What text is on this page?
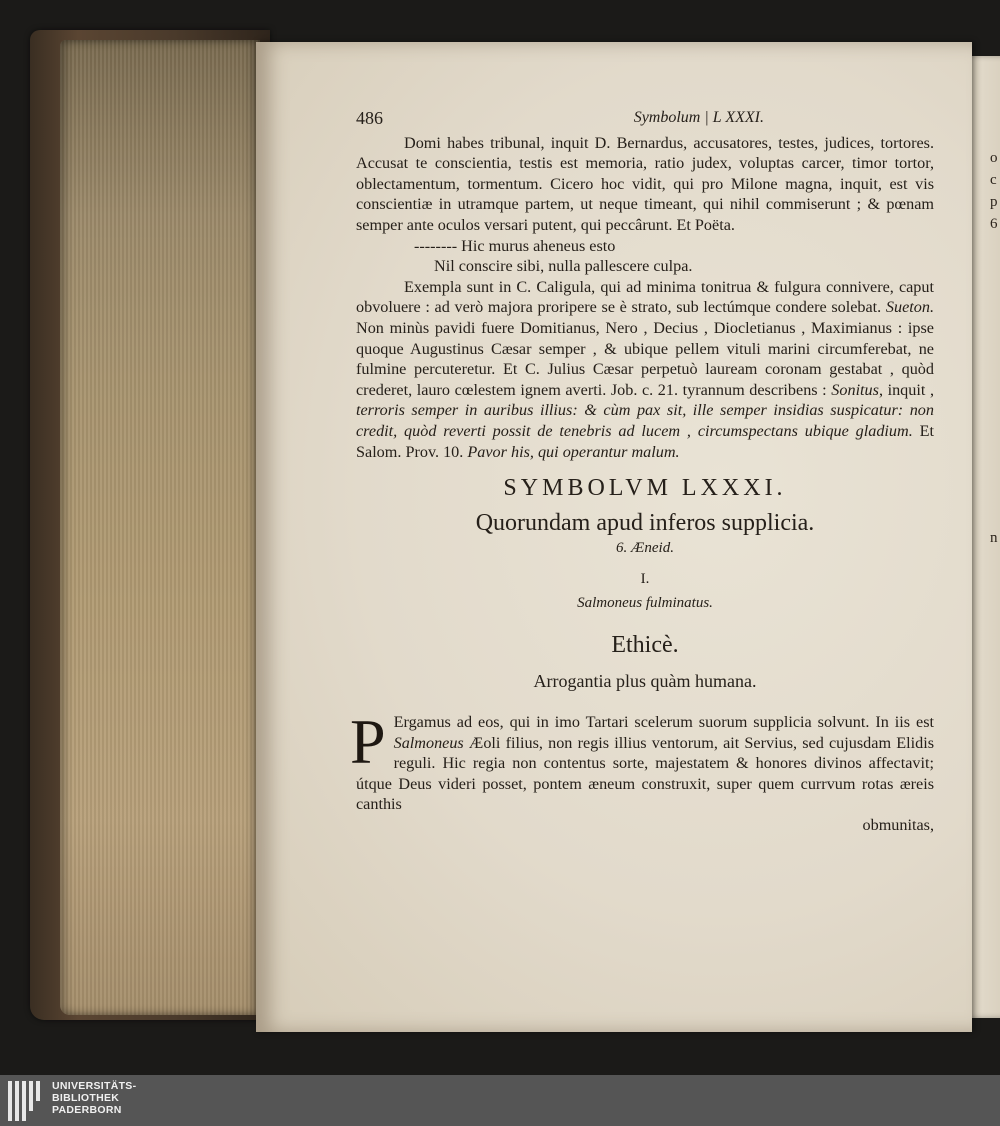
o
c
p
6
n
486	Symbolum | L XXXI.

Domi habes tribunal, inquit D. Bernardus, accusatores, testes, judices, tortores. Accusat te conscientia, testis est memoria, ratio judex, voluptas carcer, timor tortor, oblectamentum, tormentum. Cicero hoc vidit, qui pro Milone magna, inquit, est vis conscientiæ in utramque partem, ut neque timeant, qui nihil commiserunt ; & pœnam semper ante oculos versari putent, qui peccârunt. Et Poëta.

-------- Hic murus aheneus esto

Nil conscire sibi, nulla pallescere culpa.

Exempla sunt in C. Caligula, qui ad minima tonitrua & fulgura connivere, caput obvoluere : ad verò majora proripere se è strato, sub lectúmque condere solebat. Sueton. Non minùs pavidi fuere Domitianus, Nero , Decius , Diocletianus , Maximianus : ipse quoque Augustinus Cæsar semper , & ubique pellem vituli marini circumferebat, ne fulmine percuteretur. Et C. Julius Cæsar perpetuò lauream coronam gestabat , quòd crederet, lauro cœlestem ignem averti. Job. c. 21. tyrannum describens : Sonitus, inquit , terroris semper in auribus illius: & cùm pax sit, ille semper insidias suspicatur: non credit, quòd reverti possit de tenebris ad lucem , circumspectans ubique gladium. Et Salom. Prov. 10. Pavor his, qui operantur malum.

SYMBOLVM LXXXI.
Quorundam apud inferos supplicia.
6. Æneid.
I.
Salmoneus fulminatus.
Ethicè.
Arrogantia plus quàm humana.
P Ergamus ad eos, qui in imo Tartari scelerum suorum supplicia solvunt. In iis est Salmoneus Æoli filius, non regis illius ventorum, ait Servius, sed cujusdam Elidis reguli. Hic regia non contentus sorte, majestatem & honores divinos affectavit; útque Deus videri posset, pontem æneum construxit, super quem currvum rotas æreis canthis

obmunitas,

UNIVERSITÄTS-
BIBLIOTHEK
PADERBORN
